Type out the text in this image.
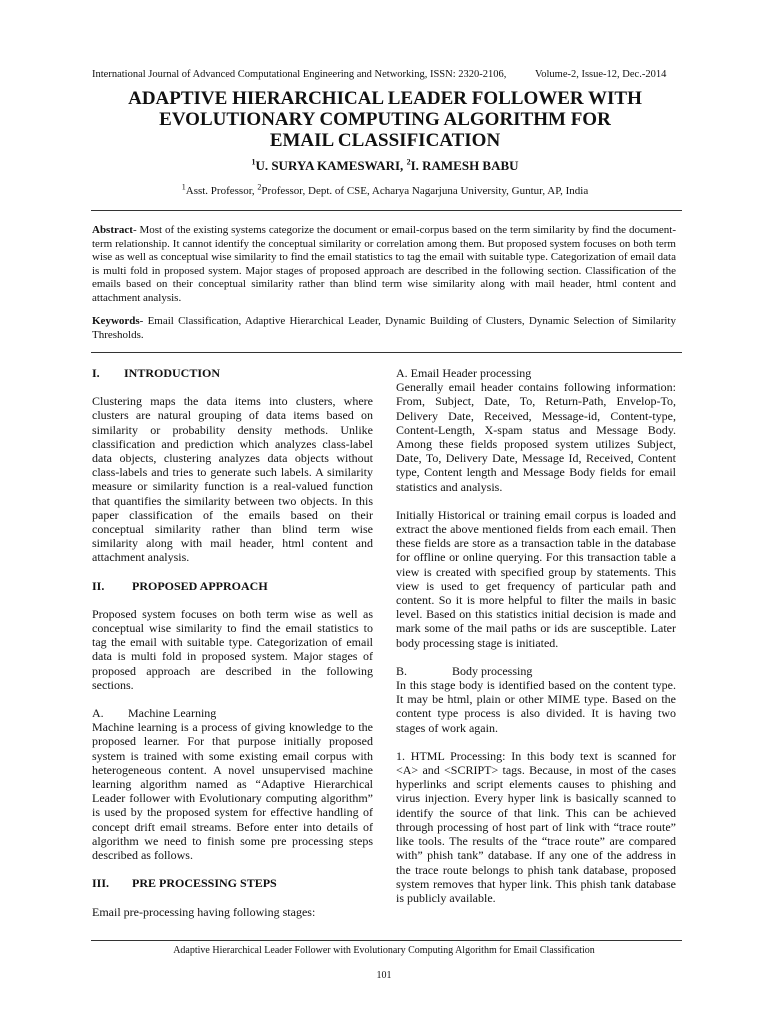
International Journal of Advanced Computational Engineering and Networking, ISSN: 2320-2106,	Volume-2, Issue-12, Dec.-2014
ADAPTIVE HIERARCHICAL LEADER FOLLOWER WITH
EVOLUTIONARY COMPUTING ALGORITHM FOR
EMAIL CLASSIFICATION
$^1$U. SURYA KAMESWARI, $^2$I. RAMESH BABU
$^1$Asst. Professor, $^2$Professor, Dept. of CSE, Acharya Nagarjuna University, Guntur, AP, India
Abstract- Most of the existing systems categorize the document or email-corpus based on the term similarity by find the document-term relationship. It cannot identify the conceptual similarity or correlation among them. But proposed system focuses on both term wise as well as conceptual wise similarity to find the email statistics to tag the email with suitable type. Categorization of email data is multi fold in proposed system. Major stages of proposed approach are described in the following section. Classification of the emails based on their conceptual similarity rather than blind term wise similarity along with mail header, html content and attachment analysis.
Keywords- Email Classification, Adaptive Hierarchical Leader, Dynamic Building of Clusters, Dynamic Selection of Similarity Thresholds.

I.	INTRODUCTION

Clustering maps the data items into clusters, where clusters are natural grouping of data items based on similarity or probability density methods. Unlike classification and prediction which analyzes class-label data objects, clustering analyzes data objects without class-labels and tries to generate such labels. A similarity measure or similarity function is a real-valued function that quantifies the similarity between two objects. In this paper classification of the emails based on their conceptual similarity rather than blind term wise similarity along with mail header, html content and attachment analysis.

II.	PROPOSED APPROACH

Proposed system focuses on both term wise as well as conceptual wise similarity to find the email statistics to tag the email with suitable type. Categorization of email data is multi fold in proposed system. Major stages of proposed approach are described in the following sections.

A.	Machine Learning

Machine learning is a process of giving knowledge to the proposed learner. For that purpose initially proposed system is trained with some existing email corpus with heterogeneous content. A novel unsupervised machine learning algorithm named as “Adaptive Hierarchical Leader follower with Evolutionary computing algorithm” is used by the proposed system for effective handling of concept drift email streams. Before enter into details of algorithm we need to finish some pre processing steps described as follows.

III.	PRE PROCESSING STEPS

Email pre-processing having following stages:

A. Email Header processing

Generally email header contains following information: From, Subject, Date, To, Return-Path, Envelop-To, Delivery Date, Received, Message-id, Content-type, Content-Length, X-spam status and Message Body. Among these fields proposed system utilizes Subject, Date, To, Delivery Date, Message Id, Received, Content type, Content length and Message Body fields for email statistics and analysis.

Initially Historical or training email corpus is loaded and extract the above mentioned fields from each email. Then these fields are store as a transaction table in the database for offline or online querying. For this transaction table a view is created with specified group by statements. This view is used to get frequency of particular path and content. So it is more helpful to filter the mails in basic level. Based on this statistics initial decision is made and mark some of the mail paths or ids are susceptible. Later body processing stage is initiated.

B.	Body processing

In this stage body is identified based on the content type. It may be html, plain or other MIME type. Based on the content type process is also divided. It is having two stages of work again.

1. HTML Processing: In this body text is scanned for <A> and <SCRIPT> tags. Because, in most of the cases hyperlinks and script elements causes to phishing and virus injection. Every hyper link is basically scanned to identify the source of that link. This can be achieved through processing of host part of link with “trace route” like tools. The results of the “trace route” are compared with” phish tank” database. If any one of the address in the trace route belongs to phish tank database, proposed system removes that hyper link. This phish tank database is publicly available.

Adaptive Hierarchical Leader Follower with Evolutionary Computing Algorithm for Email Classification
101
